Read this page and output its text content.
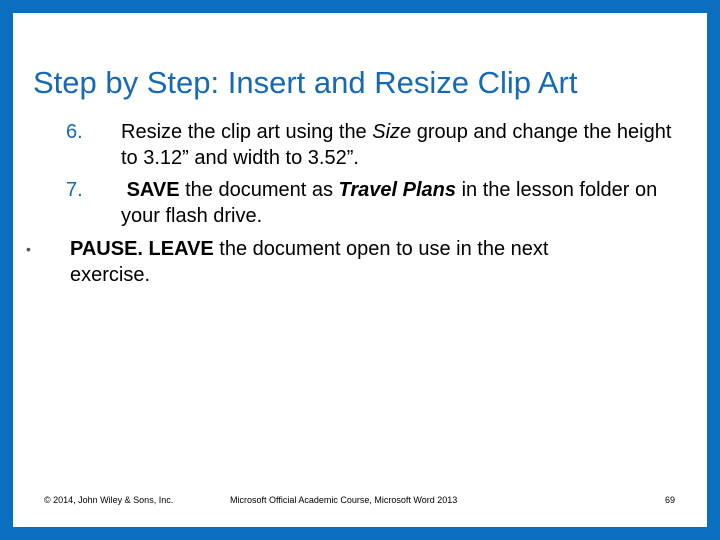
Step by Step: Insert and Resize Clip Art
6. Resize the clip art using the Size group and change the height to 3.12” and width to 3.52”.
7. SAVE the document as Travel Plans in the lesson folder on your flash drive.
• PAUSE. LEAVE the document open to use in the next exercise.
© 2014, John Wiley & Sons, Inc.	Microsoft Official Academic Course, Microsoft Word 2013	69
